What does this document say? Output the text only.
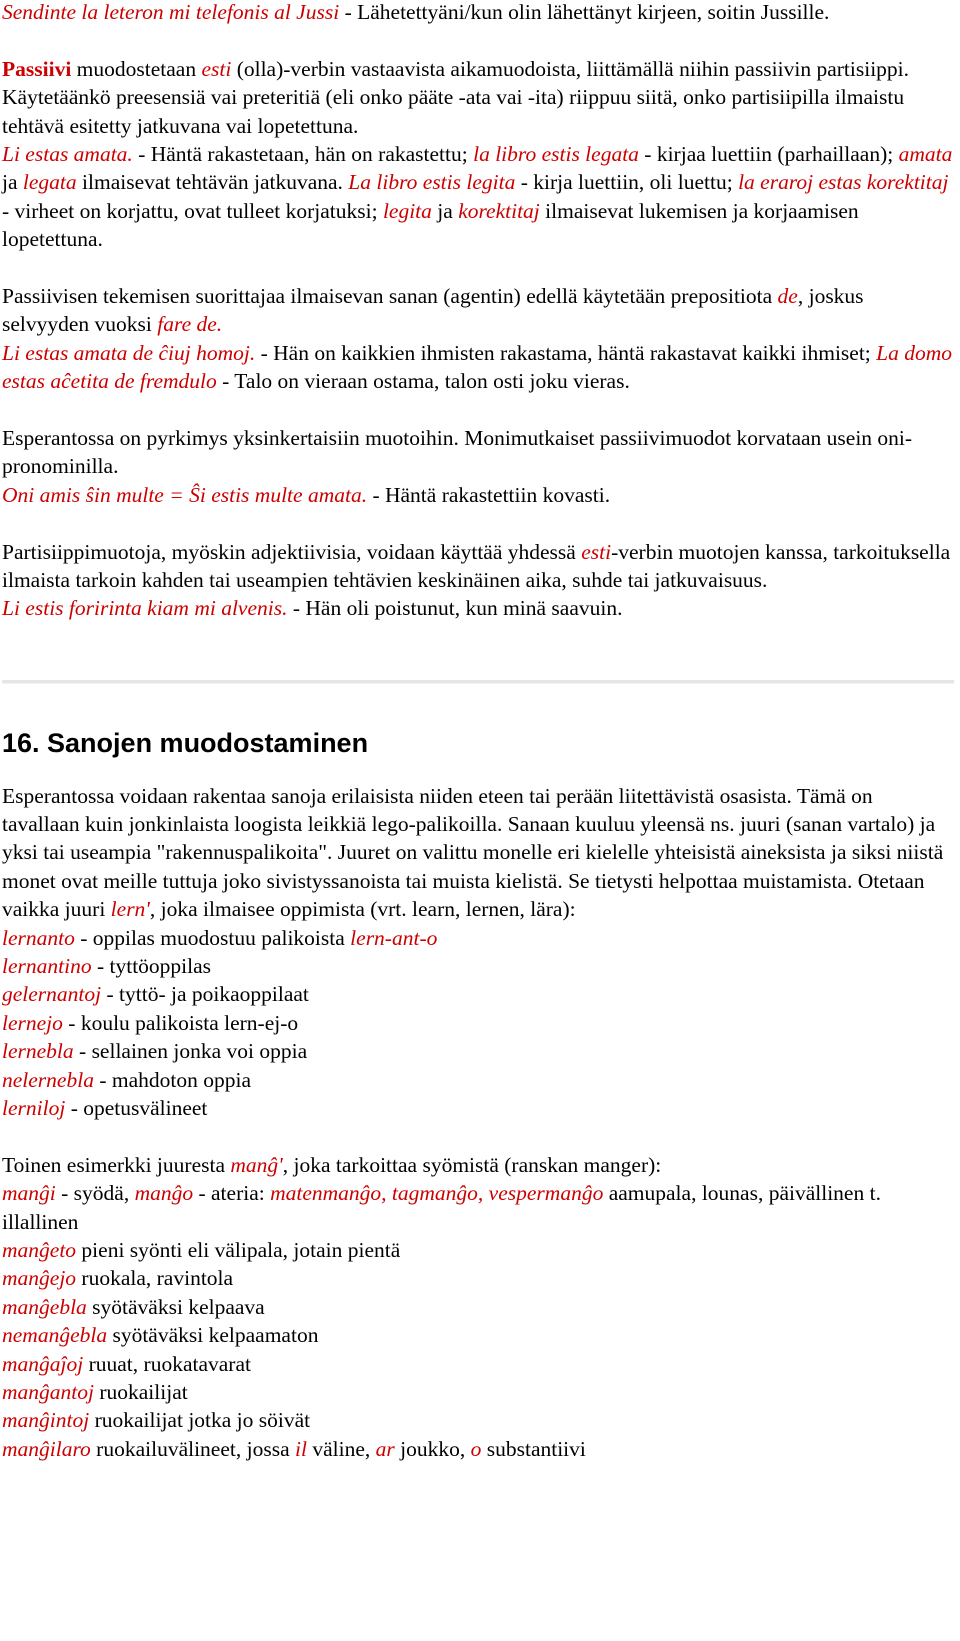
Sendinte la leteron mi telefonis al Jussi - Lähetettyäni/kun olin lähettänyt kirjeen, soitin Jussille.
Passiivi muodostetaan esti (olla)-verbin vastaavista aikamuodoista, liittämällä niihin passiivin partisiippi. Käytetäänkö preesensiä vai preteritiä (eli onko pääte -ata vai -ita) riippuu siitä, onko partisiipilla ilmaistu tehtävä esitetty jatkuvana vai lopetettuna.
Li estas amata. - Häntä rakastetaan, hän on rakastettu; la libro estis legata - kirjaa luettiin (parhaillaan); amata ja legata ilmaisevat tehtävän jatkuvana. La libro estis legita - kirja luettiin, oli luettu; la eraroj estas korektitaj - virheet on korjattu, ovat tulleet korjatuksi; legita ja korektitaj ilmaisevat lukemisen ja korjaamisen lopetettuna.
Passiivisen tekemisen suorittajaa ilmaisevan sanan (agentin) edellä käytetään prepositiota de, joskus selvyyden vuoksi fare de.
Li estas amata de ĉiuj homoj. - Hän on kaikkien ihmisten rakastama, häntä rakastavat kaikki ihmiset; La domo estas aĉetita de fremdulo - Talo on vieraan ostama, talon osti joku vieras.
Esperantossa on pyrkimys yksinkertaisiin muotoihin. Monimutkaiset passiivimuodot korvataan usein oni-pronominilla.
Oni amis ŝin multe = Ŝi estis multe amata. - Häntä rakastettiin kovasti.
Partisiippimuotoja, myöskin adjektiivisia, voidaan käyttää yhdessä esti-verbin muotojen kanssa, tarkoituksella ilmaista tarkoin kahden tai useampien tehtävien keskinäinen aika, suhde tai jatkuvaisuus.
Li estis foririnta kiam mi alvenis. - Hän oli poistunut, kun minä saavuin.
16. Sanojen muodostaminen
Esperantossa voidaan rakentaa sanoja erilaisista niiden eteen tai perään liitettävistä osasista. Tämä on tavallaan kuin jonkinlaista loogista leikkiä lego-palikoilla. Sanaan kuuluu yleensä ns. juuri (sanan vartalo) ja yksi tai useampia "rakennuspalikoita". Juuret on valittu monelle eri kielelle yhteisistä aineksista ja siksi niistä monet ovat meille tuttuja joko sivistyssanoista tai muista kielistä. Se tietysti helpottaa muistamista. Otetaan vaikka juuri lern', joka ilmaisee oppimista (vrt. learn, lernen, lära):
lernanto - oppilas muodostuu palikoista lern-ant-o
lernantino - tyttöoppilas
gelernantoj - tyttö- ja poikaoppilaat
lernejo - koulu palikoista lern-ej-o
lernebla - sellainen jonka voi oppia
nelernebla - mahdoton oppia
lerniloj - opetusvälineet
Toinen esimerkki juuresta manĝ', joka tarkoittaa syömistä (ranskan manger):
manĝi - syödä, manĝo - ateria: matenmanĝo, tagmanĝo, vespermanĝo aamupala, lounas, päivällinen t. illallinen
manĝeto pieni syönti eli välipala, jotain pientä
manĝejo ruokala, ravintola
manĝebla syötäväksi kelpaava
nemanĝebla syötäväksi kelpaamaton
manĝaĵoj ruuat, ruokatavarat
manĝantoj ruokailijat
manĝintoj ruokailijat jotka jo söivät
manĝilaro ruokailuvälineet, jossa il väline, ar joukko, o substantiivi
